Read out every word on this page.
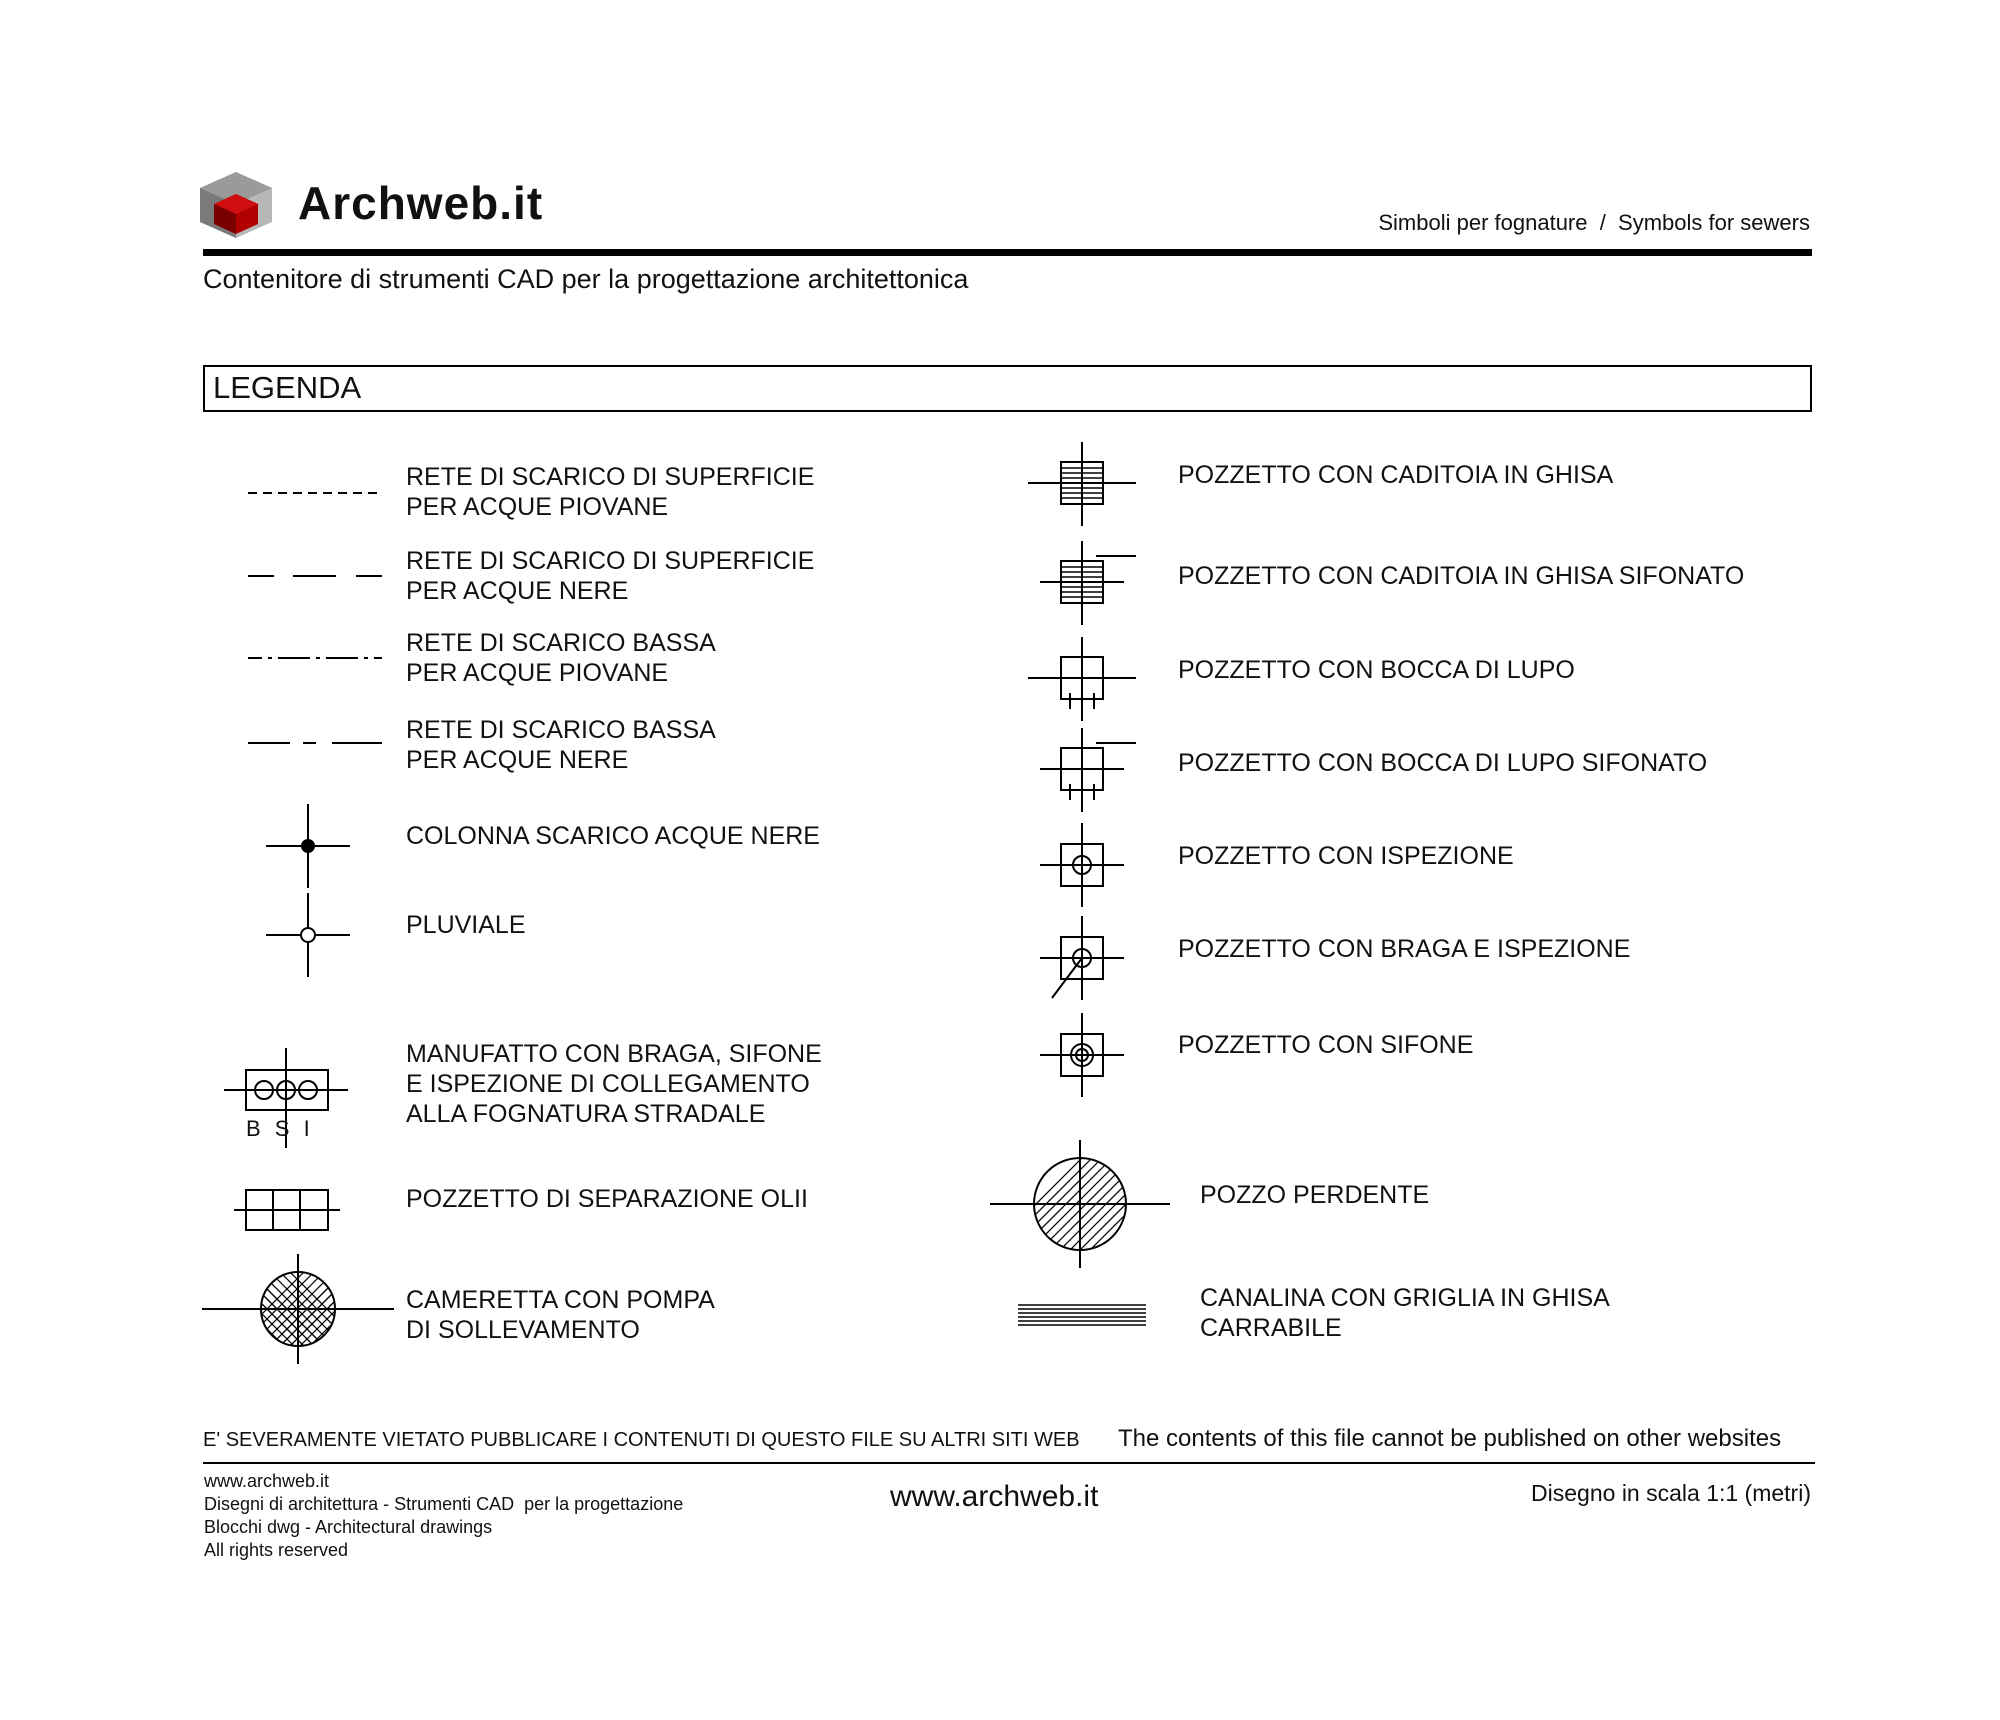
Archweb.it	Simboli per fognature  /  Symbols for sewers
Contenitore di strumenti CAD per la progettazione architettonica
LEGENDA
B S I
RETE DI SCARICO DI SUPERFICIE
PER ACQUE PIOVANE
RETE DI SCARICO DI SUPERFICIE
PER ACQUE NERE
RETE DI SCARICO BASSA
PER ACQUE PIOVANE
RETE DI SCARICO BASSA
PER ACQUE NERE
COLONNA SCARICO ACQUE NERE
PLUVIALE
MANUFATTO CON BRAGA, SIFONE
E ISPEZIONE DI COLLEGAMENTO
ALLA FOGNATURA STRADALE
POZZETTO DI SEPARAZIONE OLII
CAMERETTA CON POMPA
DI SOLLEVAMENTO
POZZETTO CON CADITOIA IN GHISA
POZZETTO CON CADITOIA IN GHISA SIFONATO
POZZETTO CON BOCCA DI LUPO
POZZETTO CON BOCCA DI LUPO SIFONATO
POZZETTO CON ISPEZIONE
POZZETTO CON BRAGA E ISPEZIONE
POZZETTO CON SIFONE
POZZO PERDENTE
CANALINA CON GRIGLIA IN GHISA
CARRABILE
E' SEVERAMENTE VIETATO PUBBLICARE I CONTENUTI DI QUESTO FILE SU ALTRI SITI WEB The contents of this file cannot be published on other websites
www.archweb.it
Disegni di architettura - Strumenti CAD  per la progettazione
Blocchi dwg - Architectural drawings
All rights reserved
www.archweb.it	Disegno in scala 1:1 (metri)
